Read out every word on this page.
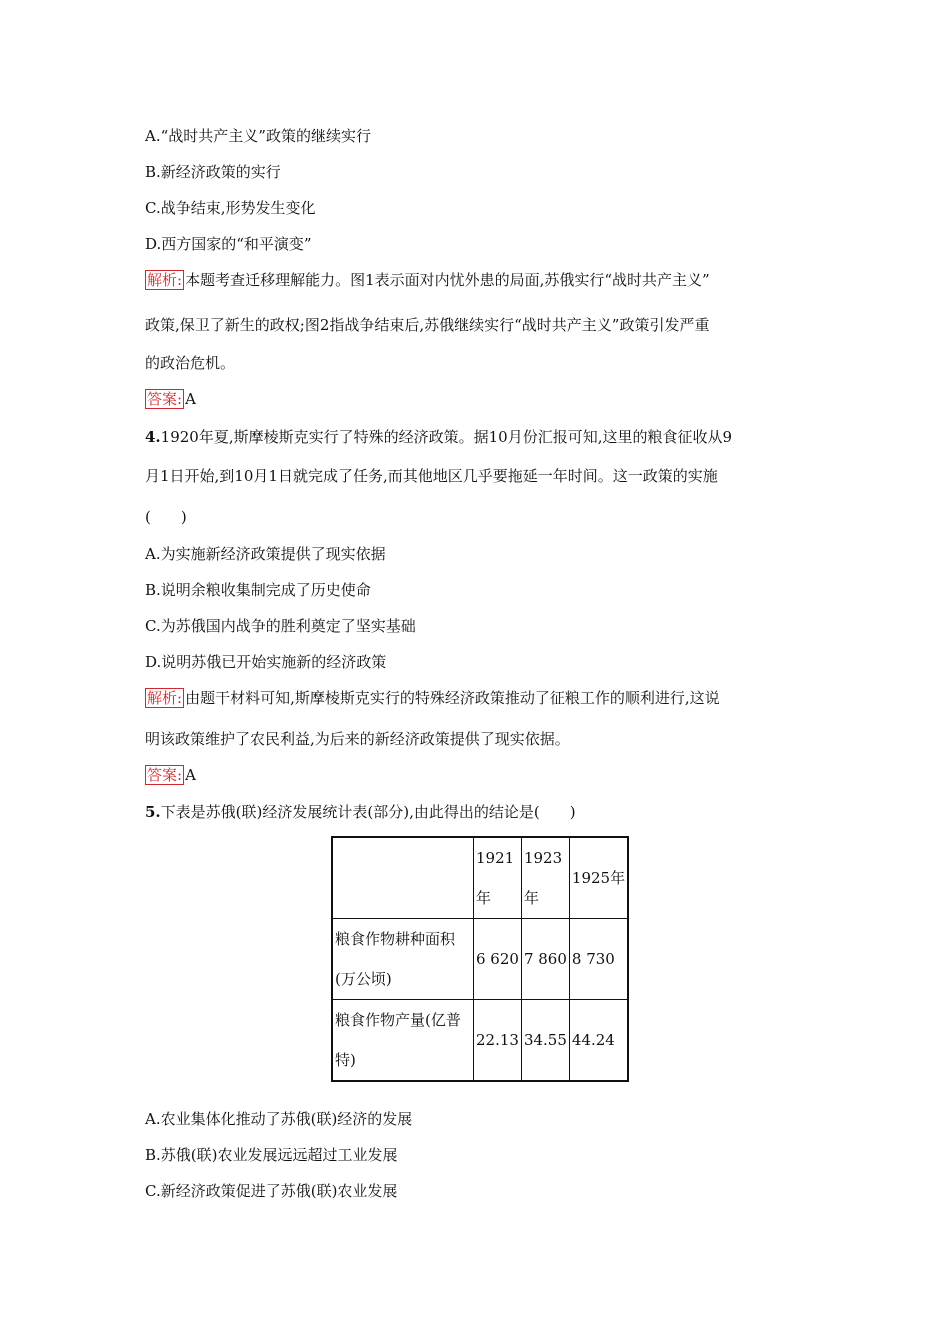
A.“战时共产主义”政策的继续实行
B.新经济政策的实行
C.战争结束,形势发生变化
D.西方国家的“和平演变”
解析: 本题考查迁移理解能力。图1表示面对内忧外患的局面,苏俄实行“战时共产主义”
政策,保卫了新生的政权;图2指战争结束后,苏俄继续实行“战时共产主义”政策引发严重
的政治危机。
答案: A
4.1920年夏,斯摩棱斯克实行了特殊的经济政策。据10月份汇报可知,这里的粮食征收从9
月1日开始,到10月1日就完成了任务,而其他地区几乎要拖延一年时间。这一政策的实施
(　　)
A.为实施新经济政策提供了现实依据
B.说明余粮收集制完成了历史使命
C.为苏俄国内战争的胜利奠定了坚实基础
D.说明苏俄已开始实施新的经济政策
解析: 由题干材料可知,斯摩棱斯克实行的特殊经济政策推动了征粮工作的顺利进行,这说
明该政策维护了农民利益,为后来的新经济政策提供了现实依据。
答案: A
5.下表是苏俄(联)经济发展统计表(部分),由此得出的结论是(　　)
	1921年	1923年	1925年
粮食作物耕种面积(万公顷)	6 620	7 860	8 730
粮食作物产量(亿普特)	22.13	34.55	44.24
A.农业集体化推动了苏俄(联)经济的发展
B.苏俄(联)农业发展远远超过工业发展
C.新经济政策促进了苏俄(联)农业发展
